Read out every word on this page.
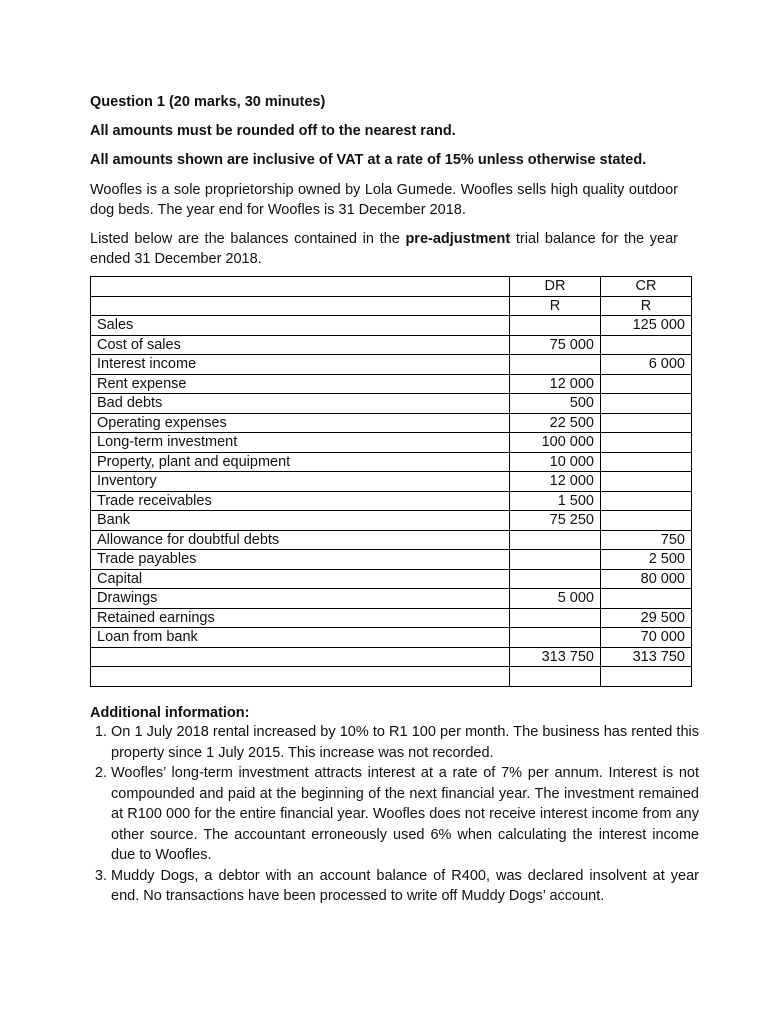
Question 1 (20 marks, 30 minutes)
All amounts must be rounded off to the nearest rand.
All amounts shown are inclusive of VAT at a rate of 15% unless otherwise stated.
Woofles is a sole proprietorship owned by Lola Gumede. Woofles sells high quality outdoor dog beds. The year end for Woofles is 31 December 2018.
Listed below are the balances contained in the pre-adjustment trial balance for the year ended 31 December 2018.
	DR	CR
	R	R
Sales		125 000
Cost of sales	75 000	
Interest income		6 000
Rent expense	12 000	
Bad debts	500	
Operating expenses	22 500	
Long-term investment	100 000	
Property, plant and equipment	10 000	
Inventory	12 000	
Trade receivables	1 500	
Bank	75 250	
Allowance for doubtful debts		750
Trade payables		2 500
Capital		80 000
Drawings	5 000	
Retained earnings		29 500
Loan from bank		70 000
	313 750	313 750

Additional information:
1. On 1 July 2018 rental increased by 10% to R1 100 per month. The business has rented this property since 1 July 2015. This increase was not recorded.
2. Woofles’ long-term investment attracts interest at a rate of 7% per annum. Interest is not compounded and paid at the beginning of the next financial year. The investment remained at R100 000 for the entire financial year. Woofles does not receive interest income from any other source. The accountant erroneously used 6% when calculating the interest income due to Woofles.
3. Muddy Dogs, a debtor with an account balance of R400, was declared insolvent at year end. No transactions have been processed to write off Muddy Dogs’ account.
